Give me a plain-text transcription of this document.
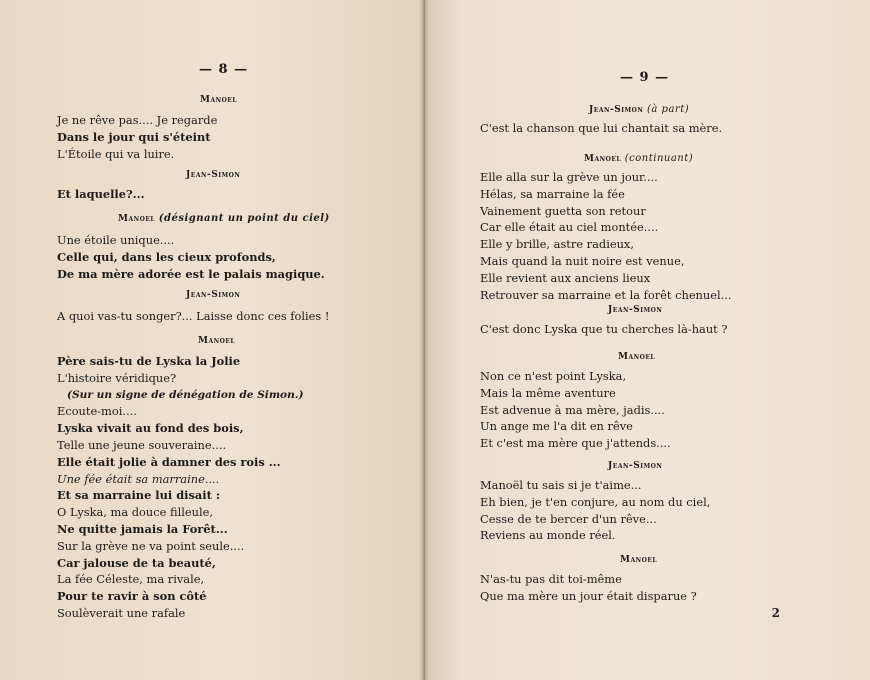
— 8 —
Manoel
Je ne rêve pas.... Je regarde
Dans le jour qui s'éteint
L'Étoile qui va luire.
Jean-Simon
Et laquelle?...
Manoel (désignant un point du ciel)
Une étoile unique....
Celle qui, dans les cieux profonds,
De ma mère adorée est le palais magique.
Jean-Simon
A quoi vas-tu songer?... Laisse donc ces folies !
Manoel
Père sais-tu de Lyska la Jolie
L'histoire véridique?
(Sur un signe de dénégation de Simon.)
Ecoute-moi....
Lyska vivait au fond des bois,
Telle une jeune souveraine....
Elle était jolie à damner des rois ...
Une fée était sa marraine....
Et sa marraine lui disait :
O Lyska, ma douce filleule,
Ne quitte jamais la Forêt...
Sur la grève ne va point seule....
Car jalouse de ta beauté,
La fée Céleste, ma rivale,
Pour te ravir à son côté
Soulèverait une rafale
— 9 —
Jean-Simon (à part)
C'est la chanson que lui chantait sa mère.
Manoel (continuant)
Elle alla sur la grève un jour....
Hélas, sa marraine la fée
Vainement guetta son retour
Car elle était au ciel montée....
Elle y brille, astre radieux,
Mais quand la nuit noire est venue,
Elle revient aux anciens lieux
Retrouver sa marraine et la forêt chenuel...
Jean-Simon
C'est donc Lyska que tu cherches là-haut ?
Manoel
Non ce n'est point Lyska,
Mais la même aventure
Est advenue à ma mère, jadis....
Un ange me l'a dit en rêve
Et c'est ma mère que j'attends....
Jean-Simon
Manoël tu sais si je t'aime...
Eh bien, je t'en conjure, au nom du ciel,
Cesse de te bercer d'un rêve...
Reviens au monde réel.
Manoel
N'as-tu pas dit toi-même
Que ma mère un jour était disparue ?
2
